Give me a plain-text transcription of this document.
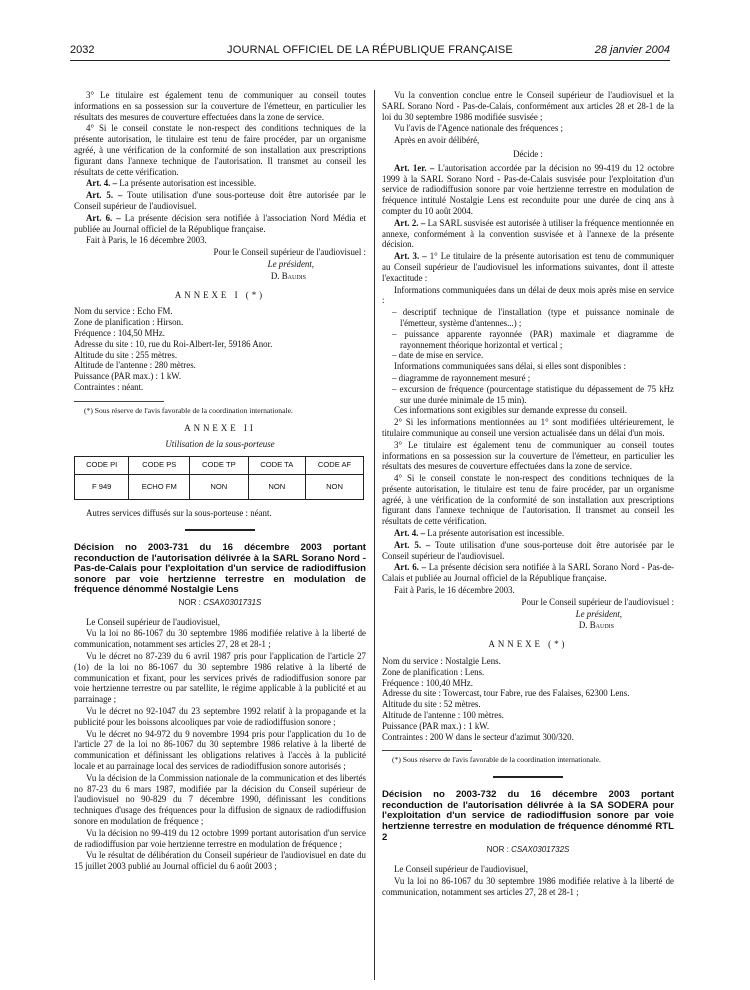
2032	JOURNAL OFFICIEL DE LA RÉPUBLIQUE FRANÇAISE	28 janvier 2004

3° Le titulaire est également tenu de communiquer au conseil toutes informations en sa possession sur la couverture de l'émetteur, en particulier les résultats des mesures de couverture effectuées dans la zone de service.

4° Si le conseil constate le non-respect des conditions techniques de la présente autorisation, le titulaire est tenu de faire procéder, par un organisme agréé, à une vérification de la conformité de son installation aux prescriptions figurant dans l'annexe technique de l'autorisation. Il transmet au conseil les résultats de cette vérification.

Art. 4. – La présente autorisation est incessible.

Art. 5. – Toute utilisation d'une sous-porteuse doit être autorisée par le Conseil supérieur de l'audiovisuel.

Art. 6. – La présente décision sera notifiée à l'association Nord Média et publiée au Journal officiel de la République française.

Fait à Paris, le 16 décembre 2003.

Pour le Conseil supérieur de l'audiovisuel :

Le président,

D. Baudis

ANNEXE I (*)

Nom du service : Echo FM.

Zone de planification : Hirson.

Fréquence : 104,50 MHz.

Adresse du site : 10, rue du Roi-Albert-Ier, 59186 Anor.

Altitude du site : 255 mètres.

Altitude de l'antenne : 280 mètres.

Puissance (PAR max.) : 1 kW.

Contraintes : néant.

(*) Sous réserve de l'avis favorable de la coordination internationale.

ANNEXE II

Utilisation de la sous-porteuse

CODE PI	CODE PS	CODE TP	CODE TA	CODE AF
F 949	ECHO FM	NON	NON	NON

Autres services diffusés sur la sous-porteuse : néant.

Décision no 2003-731 du 16 décembre 2003 portant reconduction de l'autorisation délivrée à la SARL Sorano Nord - Pas-de-Calais pour l'exploitation d'un service de radiodiffusion sonore par voie hertzienne terrestre en modulation de fréquence dénommé Nostalgie Lens

NOR : CSAX0301731S

Le Conseil supérieur de l'audiovisuel,

Vu la loi no 86-1067 du 30 septembre 1986 modifiée relative à la liberté de communication, notamment ses articles 27, 28 et 28-1 ;

Vu le décret no 87-239 du 6 avril 1987 pris pour l'application de l'article 27 (1o) de la loi no 86-1067 du 30 septembre 1986 relative à la liberté de communication et fixant, pour les services privés de radiodiffusion sonore par voie hertzienne terrestre ou par satellite, le régime applicable à la publicité et au parrainage ;

Vu le décret no 92-1047 du 23 septembre 1992 relatif à la propagande et la publicité pour les boissons alcooliques par voie de radiodiffusion sonore ;

Vu le décret no 94-972 du 9 novembre 1994 pris pour l'application du 1o de l'article 27 de la loi no 86-1067 du 30 septembre 1986 relative à la liberté de communication et définissant les obligations relatives à l'accès à la publicité locale et au parrainage local des services de radiodiffusion sonore autorisés ;

Vu la décision de la Commission nationale de la communication et des libertés no 87-23 du 6 mars 1987, modifiée par la décision du Conseil supérieur de l'audiovisuel no 90-829 du 7 décembre 1990, définissant les conditions techniques d'usage des fréquences pour la diffusion de signaux de radiodiffusion sonore en modulation de fréquence ;

Vu la décision no 99-419 du 12 octobre 1999 portant autorisation d'un service de radiodiffusion par voie hertzienne terrestre en modulation de fréquence ;

Vu le résultat de délibération du Conseil supérieur de l'audiovisuel en date du 15 juillet 2003 publié au Journal officiel du 6 août 2003 ;

Vu la convention conclue entre le Conseil supérieur de l'audiovisuel et la SARL Sorano Nord - Pas-de-Calais, conformément aux articles 28 et 28-1 de la loi du 30 septembre 1986 modifiée susvisée ;

Vu l'avis de l'Agence nationale des fréquences ;

Après en avoir délibéré,

Décide :

Art. 1er. – L'autorisation accordée par la décision no 99-419 du 12 octobre 1999 à la SARL Sorano Nord - Pas-de-Calais susvisée pour l'exploitation d'un service de radiodiffusion sonore par voie hertzienne terrestre en modulation de fréquence intitulé Nostalgie Lens est reconduite pour une durée de cinq ans à compter du 10 août 2004.

Art. 2. – La SARL susvisée est autorisée à utiliser la fréquence mentionnée en annexe, conformément à la convention susvisée et à l'annexe de la présente décision.

Art. 3. – 1° Le titulaire de la présente autorisation est tenu de communiquer au Conseil supérieur de l'audiovisuel les informations suivantes, dont il atteste l'exactitude :

Informations communiquées dans un délai de deux mois après mise en service :

– descriptif technique de l'installation (type et puissance nominale de l'émetteur, système d'antennes...) ;

– puissance apparente rayonnée (PAR) maximale et diagramme de rayonnement théorique horizontal et vertical ;

– date de mise en service.

Informations communiquées sans délai, si elles sont disponibles :

– diagramme de rayonnement mesuré ;

– excursion de fréquence (pourcentage statistique du dépassement de 75 kHz sur une durée minimale de 15 min).

Ces informations sont exigibles sur demande expresse du conseil.

2° Si les informations mentionnées au 1° sont modifiées ultérieurement, le titulaire communique au conseil une version actualisée dans un délai d'un mois.

3° Le titulaire est également tenu de communiquer au conseil toutes informations en sa possession sur la couverture de l'émetteur, en particulier les résultats des mesures de couverture effectuées dans la zone de service.

4° Si le conseil constate le non-respect des conditions techniques de la présente autorisation, le titulaire est tenu de faire procéder, par un organisme agréé, à une vérification de la conformité de son installation aux prescriptions figurant dans l'annexe technique de l'autorisation. Il transmet au conseil les résultats de cette vérification.

Art. 4. – La présente autorisation est incessible.

Art. 5. – Toute utilisation d'une sous-porteuse doit être autorisée par le Conseil supérieur de l'audiovisuel.

Art. 6. – La présente décision sera notifiée à la SARL Sorano Nord - Pas-de-Calais et publiée au Journal officiel de la République française.

Fait à Paris, le 16 décembre 2003.

Pour le Conseil supérieur de l'audiovisuel :

Le président,

D. Baudis

ANNEXE (*)

Nom du service : Nostalgie Lens.

Zone de planification : Lens.

Fréquence : 100,40 MHz.

Adresse du site : Towercast, tour Fabre, rue des Falaises, 62300 Lens.

Altitude du site : 52 mètres.

Altitude de l'antenne : 100 mètres.

Puissance (PAR max.) : 1 kW.

Contraintes : 200 W dans le secteur d'azimut 300/320.

(*) Sous réserve de l'avis favorable de la coordination internationale.

Décision no 2003-732 du 16 décembre 2003 portant reconduction de l'autorisation délivrée à la SA SODERA pour l'exploitation d'un service de radiodiffusion sonore par voie hertzienne terrestre en modulation de fréquence dénommé RTL 2

NOR : CSAX0301732S

Le Conseil supérieur de l'audiovisuel,

Vu la loi no 86-1067 du 30 septembre 1986 modifiée relative à la liberté de communication, notamment ses articles 27, 28 et 28-1 ;
